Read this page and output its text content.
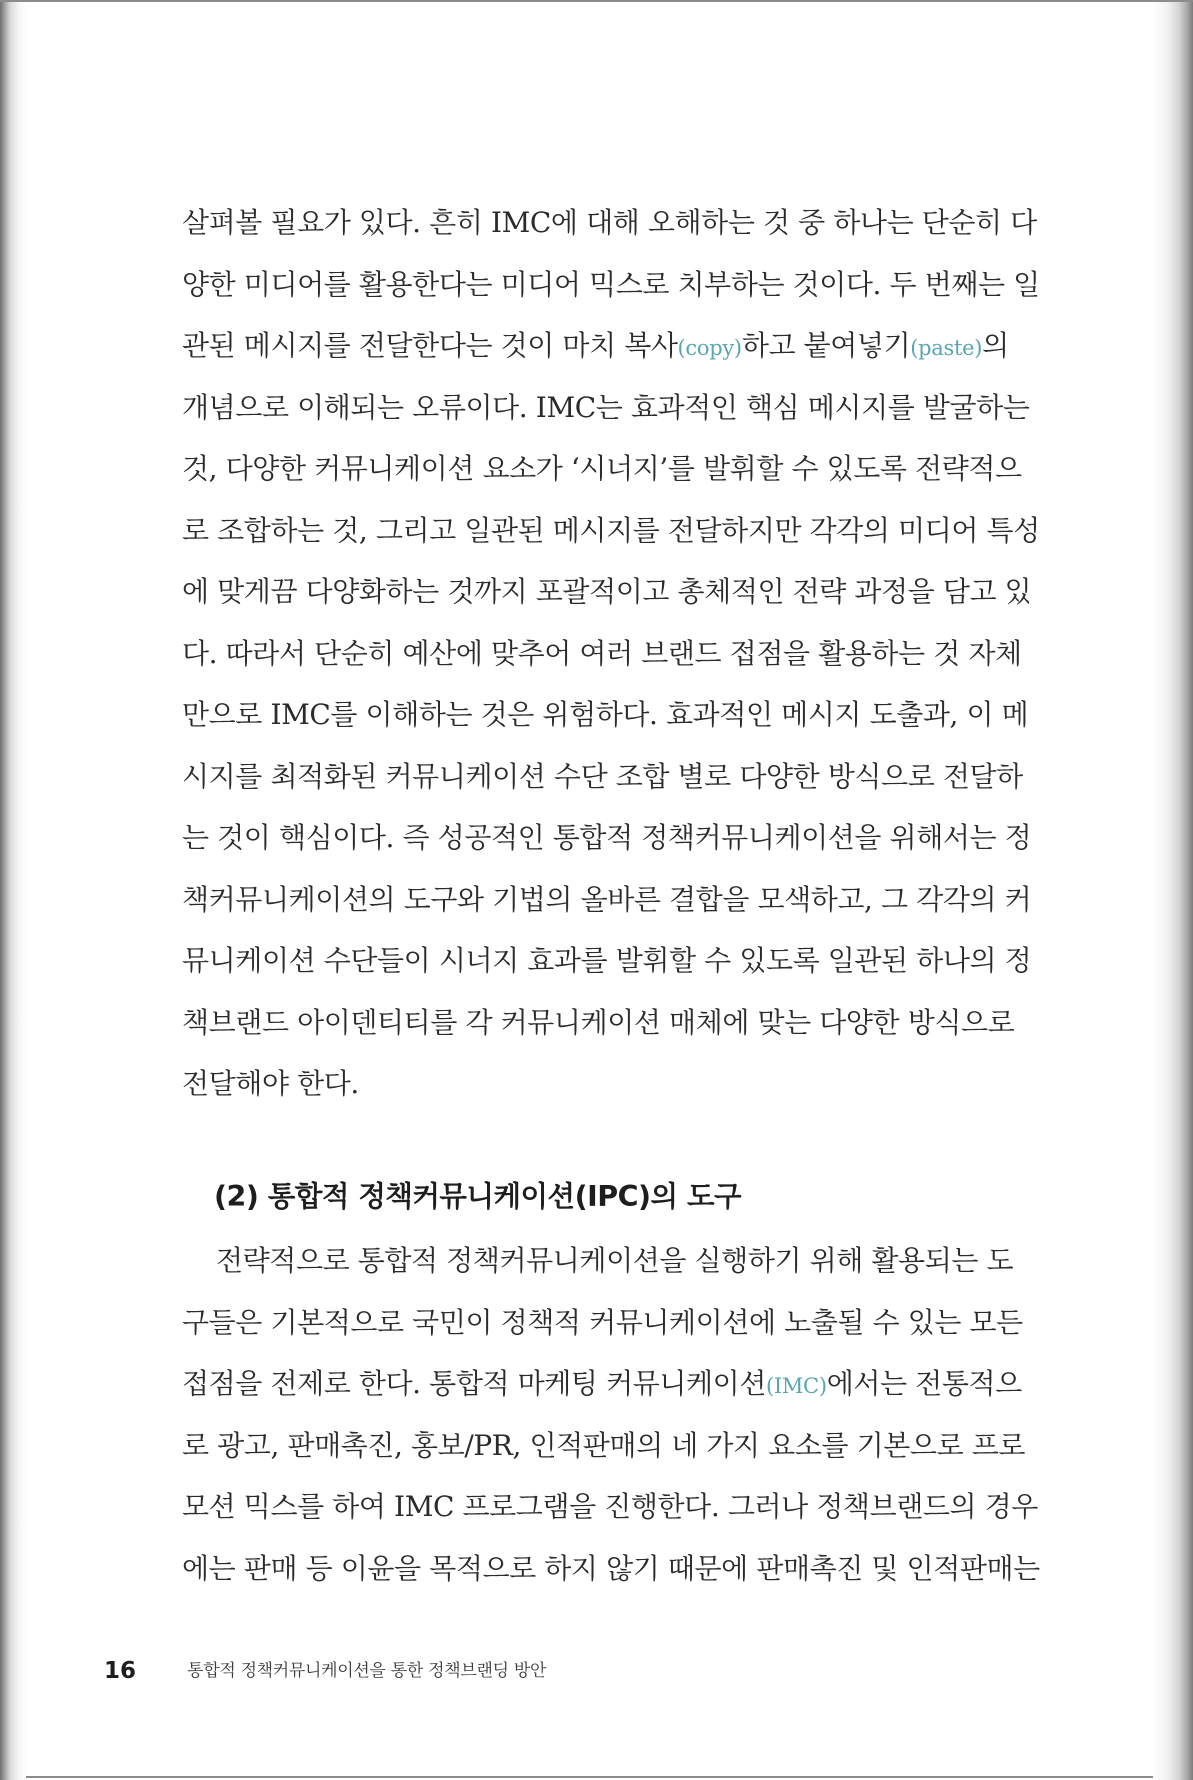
살펴볼 필요가 있다. 흔히 IMC에 대해 오해하는 것 중 하나는 단순히 다
양한 미디어를 활용한다는 미디어 믹스로 치부하는 것이다. 두 번째는 일
관된 메시지를 전달한다는 것이 마치 복사(copy)하고 붙여넣기(paste)의
개념으로 이해되는 오류이다. IMC는 효과적인 핵심 메시지를 발굴하는
것, 다양한 커뮤니케이션 요소가 ‘시너지’를 발휘할 수 있도록 전략적으
로 조합하는 것, 그리고 일관된 메시지를 전달하지만 각각의 미디어 특성
에 맞게끔 다양화하는 것까지 포괄적이고 총체적인 전략 과정을 담고 있
다. 따라서 단순히 예산에 맞추어 여러 브랜드 접점을 활용하는 것 자체
만으로 IMC를 이해하는 것은 위험하다. 효과적인 메시지 도출과, 이 메
시지를 최적화된 커뮤니케이션 수단 조합 별로 다양한 방식으로 전달하
는 것이 핵심이다. 즉 성공적인 통합적 정책커뮤니케이션을 위해서는 정
책커뮤니케이션의 도구와 기법의 올바른 결합을 모색하고, 그 각각의 커
뮤니케이션 수단들이 시너지 효과를 발휘할 수 있도록 일관된 하나의 정
책브랜드 아이덴티티를 각 커뮤니케이션 매체에 맞는 다양한 방식으로
전달해야 한다.
(2) 통합적 정책커뮤니케이션(IPC)의 도구
전략적으로 통합적 정책커뮤니케이션을 실행하기 위해 활용되는 도
구들은 기본적으로 국민이 정책적 커뮤니케이션에 노출될 수 있는 모든
접점을 전제로 한다. 통합적 마케팅 커뮤니케이션(IMC)에서는 전통적으
로 광고, 판매촉진, 홍보/PR, 인적판매의 네 가지 요소를 기본으로 프로
모션 믹스를 하여 IMC 프로그램을 진행한다. 그러나 정책브랜드의 경우
에는 판매 등 이윤을 목적으로 하지 않기 때문에 판매촉진 및 인적판매는
16	통합적 정책커뮤니케이션을 통한 정책브랜딩 방안
